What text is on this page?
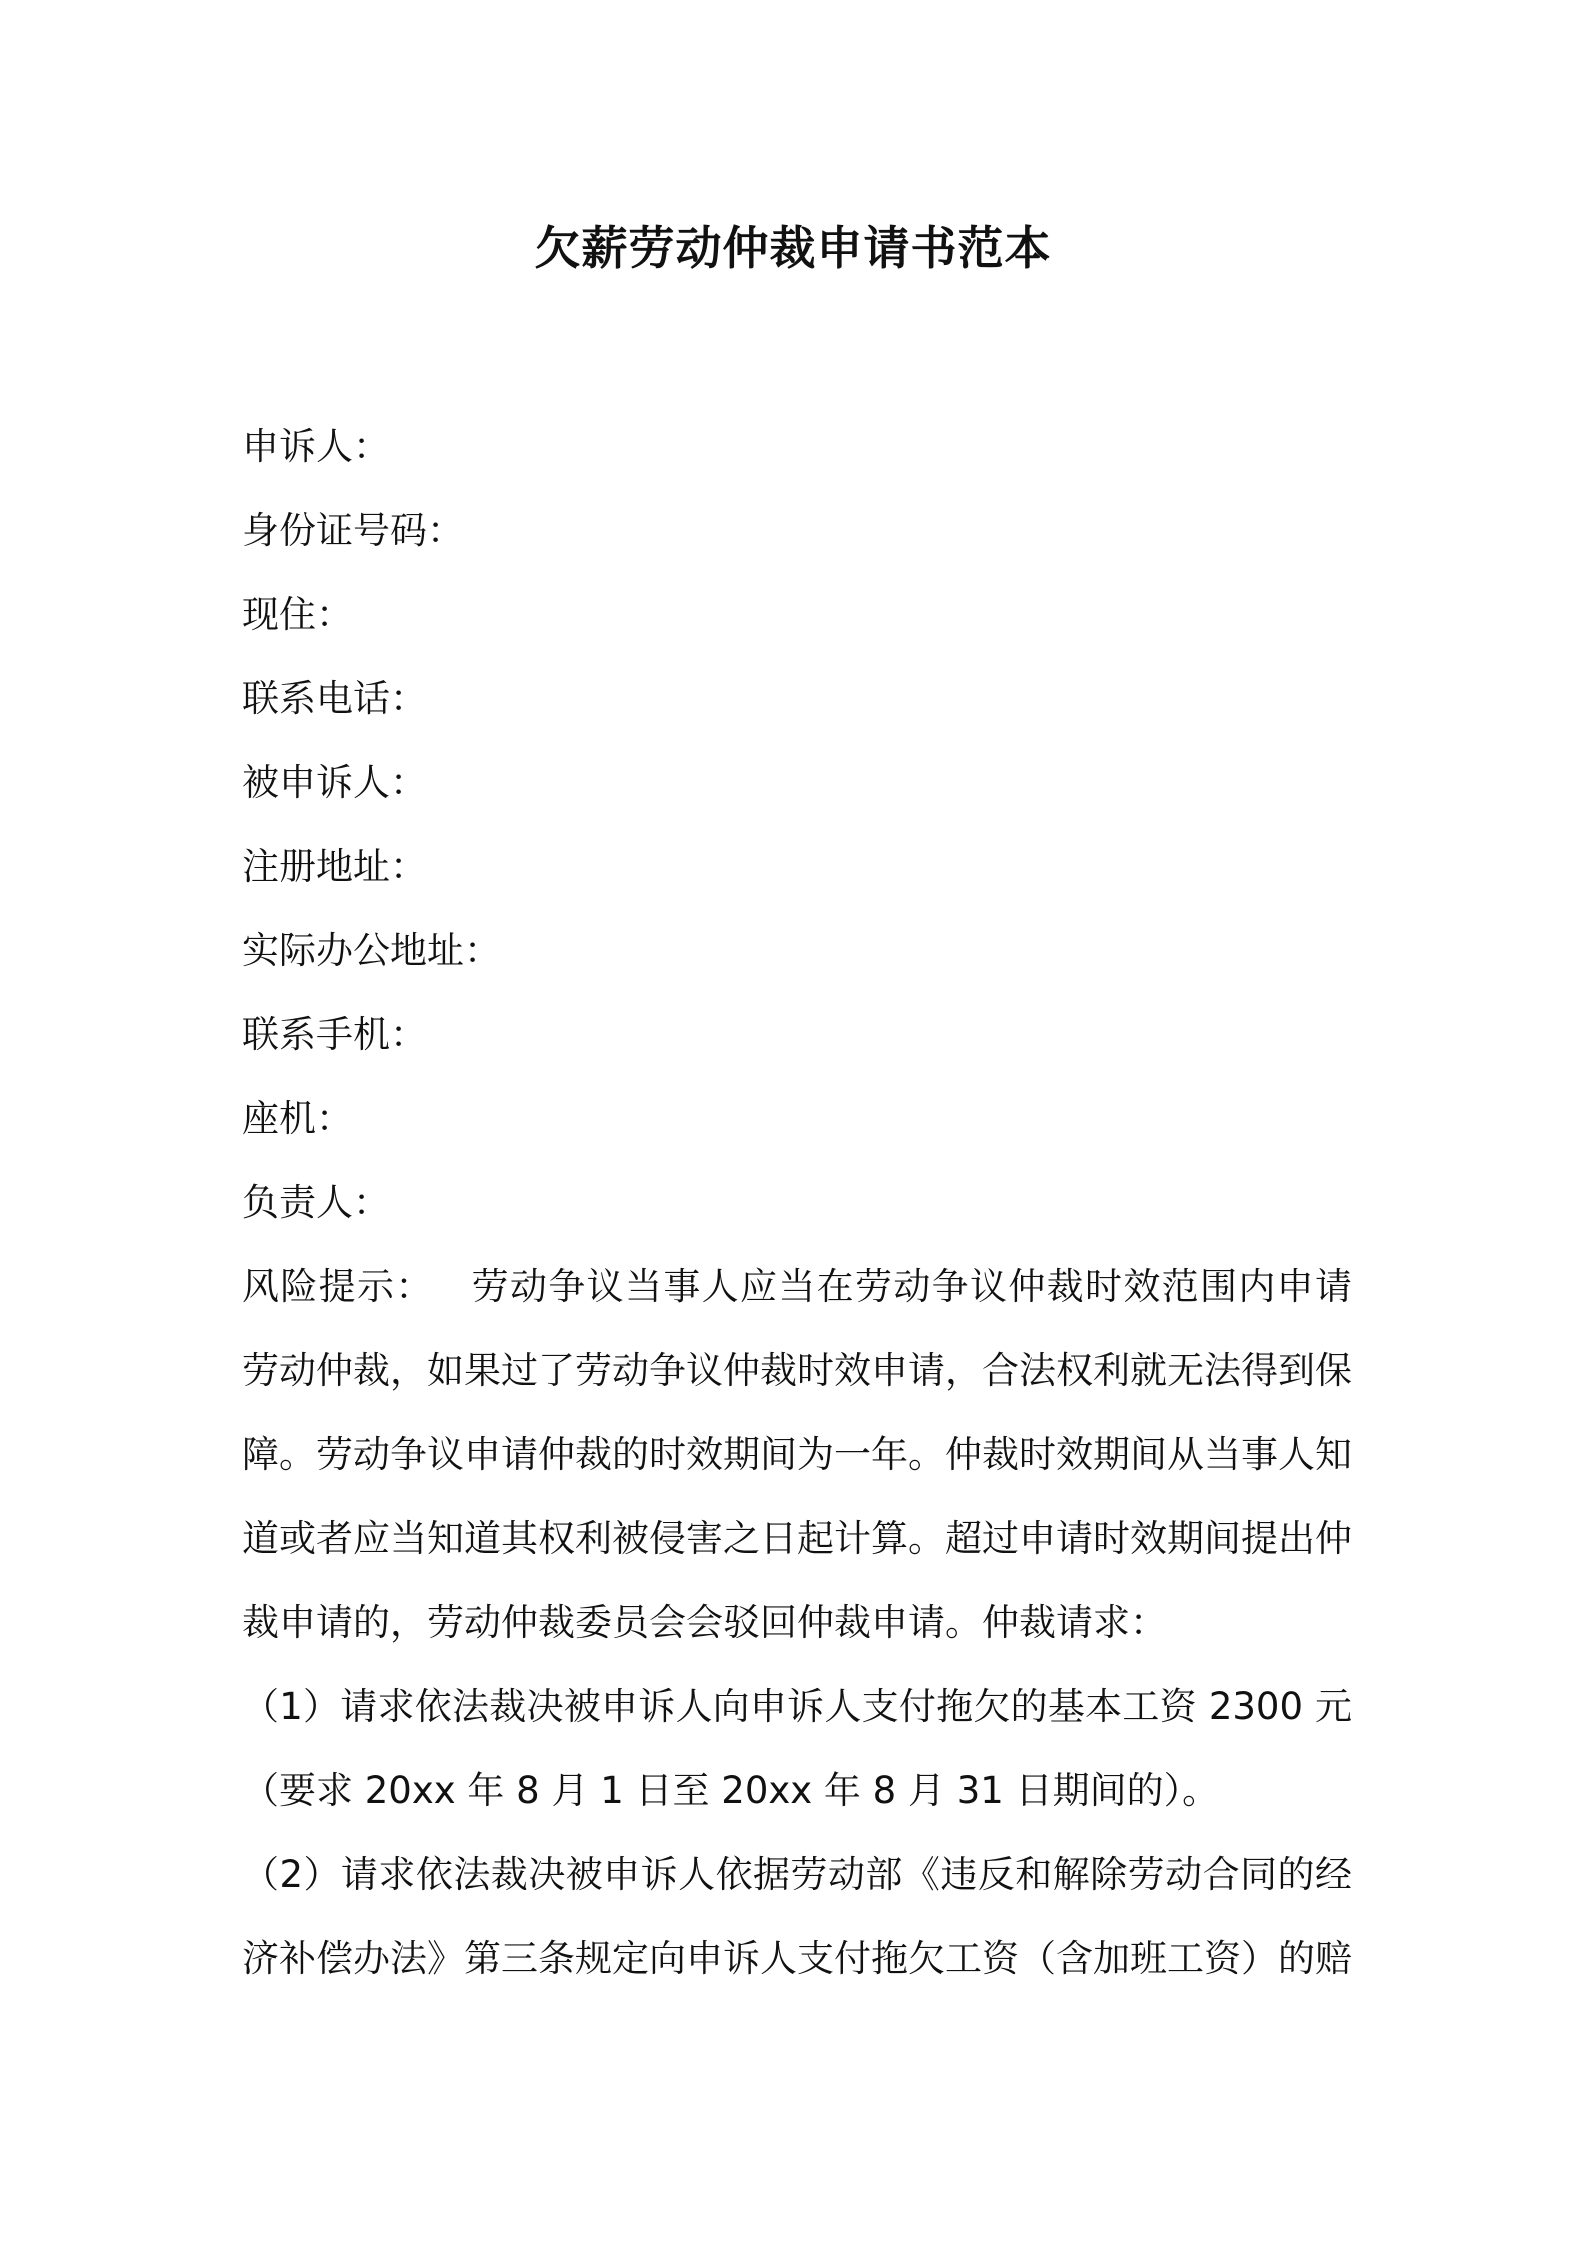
欠薪劳动仲裁申请书范本
申诉人：
身份证号码：
现住：
联系电话：
被申诉人：
注册地址：
实际办公地址：
联系手机：
座机：
负责人：
风险提示： 劳动争议当事人应当在劳动争议仲裁时效范围内申请劳动仲裁，如果过了劳动争议仲裁时效申请，合法权利就无法得到保障。劳动争议申请仲裁的时效期间为一年。仲裁时效期间从当事人知道或者应当知道其权利被侵害之日起计算。超过申请时效期间提出仲裁申请的，劳动仲裁委员会会驳回仲裁申请。仲裁请求：
（1）请求依法裁决被申诉人向申诉人支付拖欠的基本工资 2300 元（要求 20xx 年 8 月 1 日至 20xx 年 8 月 31 日期间的）。
（2）请求依法裁决被申诉人依据劳动部《违反和解除劳动合同的经济补偿办法》第三条规定向申诉人支付拖欠工资（含加班工资）的赔
